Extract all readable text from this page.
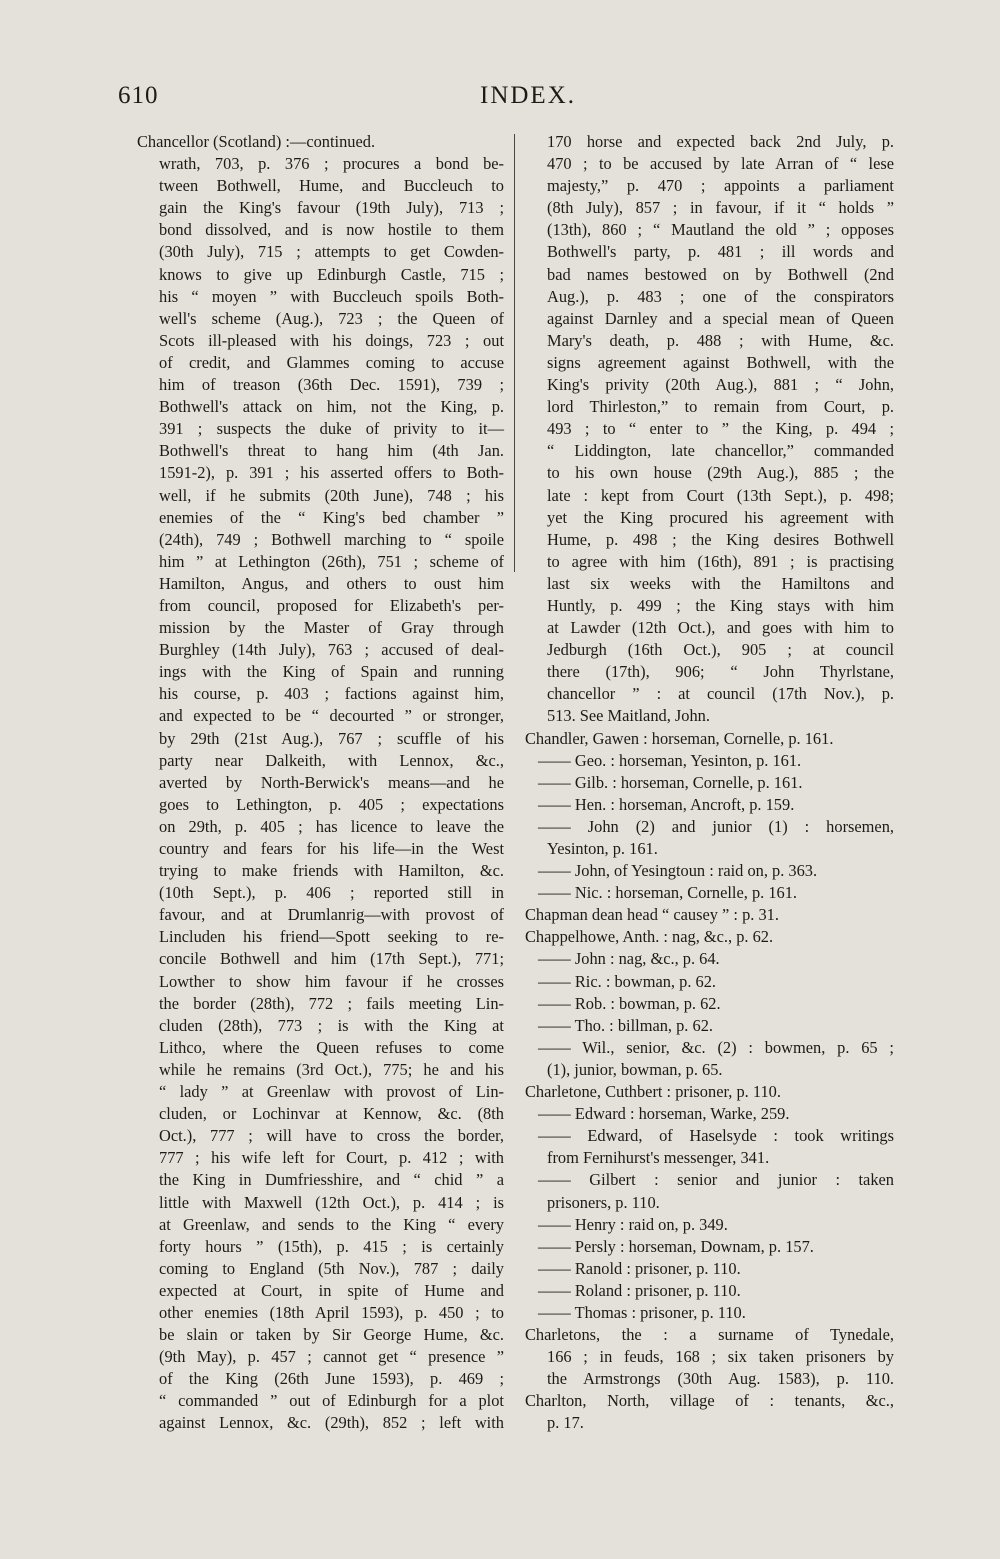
610	INDEX.
Chancellor (Scotland) :—continued.
wrath, 703, p. 376 ; procures a bond be-
tween Bothwell, Hume, and Buccleuch to
gain the King's favour (19th July), 713 ;
bond dissolved, and is now hostile to them
(30th July), 715 ; attempts to get Cowden-
knows to give up Edinburgh Castle, 715 ;
his “ moyen ” with Buccleuch spoils Both-
well's scheme (Aug.), 723 ; the Queen of
Scots ill-pleased with his doings, 723 ; out
of credit, and Glammes coming to accuse
him of treason (36th Dec. 1591), 739 ;
Bothwell's attack on him, not the King, p.
391 ; suspects the duke of privity to it—
Bothwell's threat to hang him (4th Jan.
1591-2), p. 391 ; his asserted offers to Both-
well, if he submits (20th June), 748 ; his
enemies of the “ King's bed chamber ”
(24th), 749 ; Bothwell marching to “ spoile
him ” at Lethington (26th), 751 ; scheme of
Hamilton, Angus, and others to oust him
from council, proposed for Elizabeth's per-
mission by the Master of Gray through
Burghley (14th July), 763 ; accused of deal-
ings with the King of Spain and running
his course, p. 403 ; factions against him,
and expected to be “ decourted ” or stronger,
by 29th (21st Aug.), 767 ; scuffle of his
party near Dalkeith, with Lennox, &c.,
averted by North-Berwick's means—and he
goes to Lethington, p. 405 ; expectations
on 29th, p. 405 ; has licence to leave the
country and fears for his life—in the West
trying to make friends with Hamilton, &c.
(10th Sept.), p. 406 ; reported still in
favour, and at Drumlanrig—with provost of
Lincluden his friend—Spott seeking to re-
concile Bothwell and him (17th Sept.), 771;
Lowther to show him favour if he crosses
the border (28th), 772 ; fails meeting Lin-
cluden (28th), 773 ; is with the King at
Lithco, where the Queen refuses to come
while he remains (3rd Oct.), 775; he and his
“ lady ” at Greenlaw with provost of Lin-
cluden, or Lochinvar at Kennow, &c. (8th
Oct.), 777 ; will have to cross the border,
777 ; his wife left for Court, p. 412 ; with
the King in Dumfriesshire, and “ chid ” a
little with Maxwell (12th Oct.), p. 414 ; is
at Greenlaw, and sends to the King “ every
forty hours ” (15th), p. 415 ; is certainly
coming to England (5th Nov.), 787 ; daily
expected at Court, in spite of Hume and
other enemies (18th April 1593), p. 450 ; to
be slain or taken by Sir George Hume, &c.
(9th May), p. 457 ; cannot get “ presence ”
of the King (26th June 1593), p. 469 ;
“ commanded ” out of Edinburgh for a plot
against Lennox, &c. (29th), 852 ; left with
170 horse and expected back 2nd July, p.
470 ; to be accused by late Arran of “ lese
majesty,” p. 470 ; appoints a parliament
(8th July), 857 ; in favour, if it “ holds ”
(13th), 860 ; “ Mautland the old ” ; opposes
Bothwell's party, p. 481 ; ill words and
bad names bestowed on by Bothwell (2nd
Aug.), p. 483 ; one of the conspirators
against Darnley and a special mean of Queen
Mary's death, p. 488 ; with Hume, &c.
signs agreement against Bothwell, with the
King's privity (20th Aug.), 881 ; “ John,
lord Thirleston,” to remain from Court, p.
493 ; to “ enter to ” the King, p. 494 ;
“ Liddington, late chancellor,” commanded
to his own house (29th Aug.), 885 ; the
late : kept from Court (13th Sept.), p. 498;
yet the King procured his agreement with
Hume, p. 498 ; the King desires Bothwell
to agree with him (16th), 891 ; is practising
last six weeks with the Hamiltons and
Huntly, p. 499 ; the King stays with him
at Lawder (12th Oct.), and goes with him to
Jedburgh (16th Oct.), 905 ; at council
there (17th), 906; “ John Thyrlstane,
chancellor ” : at council (17th Nov.), p.
513. See Maitland, John.
Chandler, Gawen : horseman, Cornelle, p. 161.
—— Geo. : horseman, Yesinton, p. 161.
—— Gilb. : horseman, Cornelle, p. 161.
—— Hen. : horseman, Ancroft, p. 159.
—— John (2) and junior (1) : horsemen,
Yesinton, p. 161.
—— John, of Yesingtoun : raid on, p. 363.
—— Nic. : horseman, Cornelle, p. 161.
Chapman dean head “ causey ” : p. 31.
Chappelhowe, Anth. : nag, &c., p. 62.
—— John : nag, &c., p. 64.
—— Ric. : bowman, p. 62.
—— Rob. : bowman, p. 62.
—— Tho. : billman, p. 62.
—— Wil., senior, &c. (2) : bowmen, p. 65 ;
(1), junior, bowman, p. 65.
Charletone, Cuthbert : prisoner, p. 110.
—— Edward : horseman, Warke, 259.
—— Edward, of Haselsyde : took writings
from Fernihurst's messenger, 341.
—— Gilbert : senior and junior : taken
prisoners, p. 110.
—— Henry : raid on, p. 349.
—— Persly : horseman, Downam, p. 157.
—— Ranold : prisoner, p. 110.
—— Roland : prisoner, p. 110.
—— Thomas : prisoner, p. 110.
Charletons, the : a surname of Tynedale,
166 ; in feuds, 168 ; six taken prisoners by
the Armstrongs (30th Aug. 1583), p. 110.
Charlton, North, village of : tenants, &c.,
p. 17.
